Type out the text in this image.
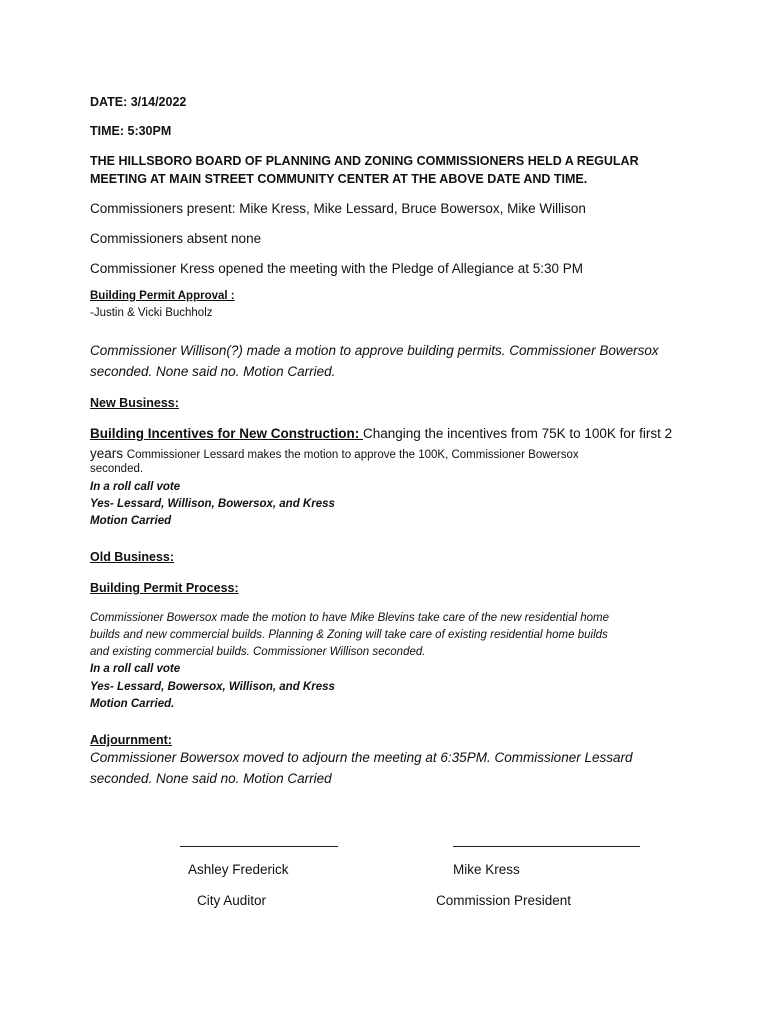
DATE: 3/14/2022
TIME: 5:30PM
THE HILLSBORO BOARD OF PLANNING AND ZONING COMMISSIONERS HELD A REGULAR
MEETING AT MAIN STREET COMMUNITY CENTER AT THE ABOVE DATE AND TIME.
Commissioners present: Mike Kress, Mike Lessard, Bruce Bowersox, Mike Willison
Commissioners absent none
Commissioner Kress opened the meeting with the Pledge of Allegiance at 5:30 PM
Building Permit Approval :
-Justin & Vicki Buchholz
Commissioner Willison(?) made a motion to approve building permits. Commissioner Bowersox
seconded. None said no. Motion Carried.
New Business:
Building Incentives for New Construction: Changing the incentives from 75K to 100K for first 2
years Commissioner Lessard makes the motion to approve the 100K, Commissioner Bowersox
seconded.
In a roll call vote
Yes- Lessard, Willison, Bowersox, and Kress
Motion Carried
Old Business:
Building Permit Process:
Commissioner Bowersox made the motion to have Mike Blevins take care of the new residential home
builds and new commercial builds. Planning & Zoning will take care of existing residential home builds
and existing commercial builds. Commissioner Willison seconded.
In a roll call vote
Yes- Lessard, Bowersox, Willison, and Kress
Motion Carried.
Adjournment:
Commissioner Bowersox moved to adjourn the meeting at 6:35PM. Commissioner Lessard
seconded. None said no. Motion Carried
Ashley Frederick
City Auditor
Mike Kress
Commission President
